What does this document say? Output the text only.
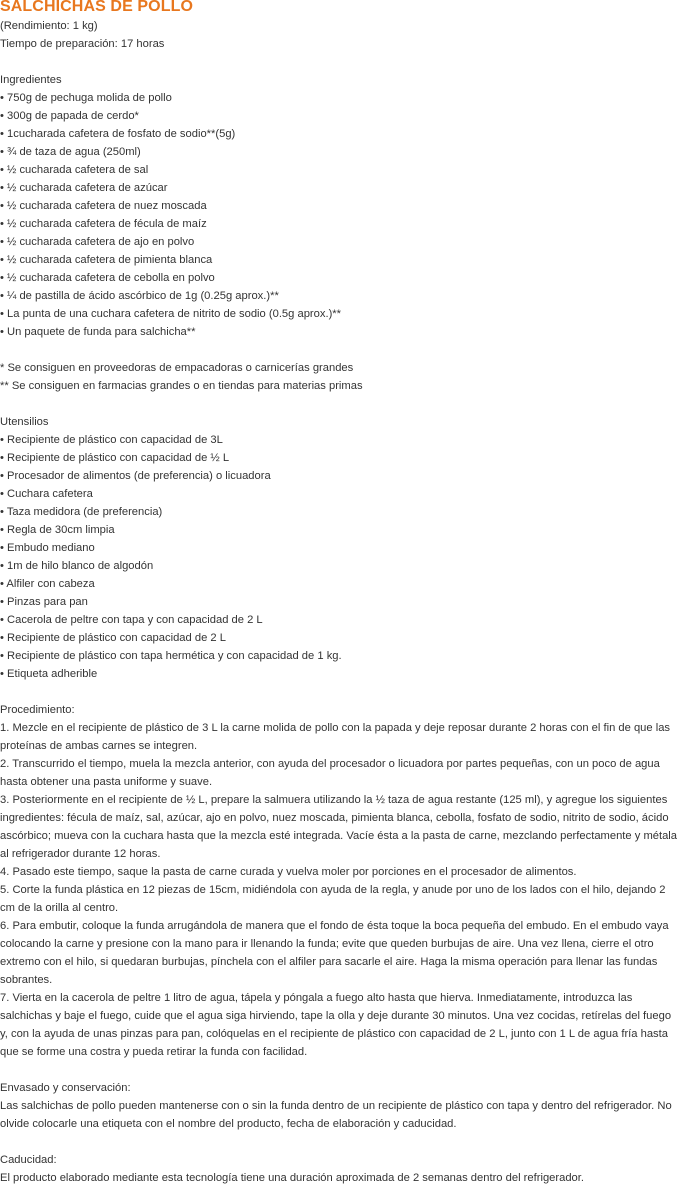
SALCHICHAS DE POLLO
(Rendimiento: 1 kg)
Tiempo de preparación: 17 horas
Ingredientes
• 750g de pechuga molida de pollo
• 300g de papada de cerdo*
• 1cucharada cafetera de fosfato de sodio**(5g)
• ¾ de taza de agua (250ml)
• ½ cucharada cafetera de sal
• ½ cucharada cafetera de azúcar
• ½ cucharada cafetera de nuez moscada
• ½ cucharada cafetera de fécula de maíz
• ½ cucharada cafetera de ajo en polvo
• ½ cucharada cafetera de pimienta blanca
• ½ cucharada cafetera de cebolla en polvo
• ¼ de pastilla de ácido ascórbico de 1g (0.25g aprox.)**
• La punta de una cuchara cafetera de nitrito de sodio (0.5g aprox.)**
• Un paquete de funda para salchicha**
* Se consiguen en proveedoras de empacadoras o carnicerías grandes
** Se consiguen en farmacias grandes o en tiendas para materias primas
Utensilios
• Recipiente de plástico con capacidad de 3L
• Recipiente de plástico con capacidad de ½ L
• Procesador de alimentos (de preferencia) o licuadora
• Cuchara cafetera
• Taza medidora (de preferencia)
• Regla de 30cm limpia
• Embudo mediano
• 1m de hilo blanco de algodón
• Alfiler con cabeza
• Pinzas para pan
• Cacerola de peltre con tapa y con capacidad de 2 L
• Recipiente de plástico con capacidad de 2 L
• Recipiente de plástico con tapa hermética y con capacidad de 1 kg.
• Etiqueta adherible
Procedimiento:
1. Mezcle en el recipiente de plástico de 3 L la carne molida de pollo con la papada y deje reposar durante 2 horas con el fin de que las proteínas de ambas carnes se integren.
2. Transcurrido el tiempo, muela la mezcla anterior, con ayuda del procesador o licuadora por partes pequeñas, con un poco de agua hasta obtener una pasta uniforme y suave.
3. Posteriormente en el recipiente de ½ L, prepare la salmuera utilizando la ½ taza de agua restante (125 ml), y agregue los siguientes ingredientes: fécula de maíz, sal, azúcar, ajo en polvo, nuez moscada, pimienta blanca, cebolla, fosfato de sodio, nitrito de sodio, ácido ascórbico; mueva con la cuchara hasta que la mezcla esté integrada. Vacíe ésta a la pasta de carne, mezclando perfectamente y métala al refrigerador durante 12 horas.
4. Pasado este tiempo, saque la pasta de carne curada y vuelva moler por porciones en el procesador de alimentos.
5. Corte la funda plástica en 12 piezas de 15cm, midiéndola con ayuda de la regla, y anude por uno de los lados con el hilo, dejando 2 cm de la orilla al centro.
6. Para embutir, coloque la funda arrugándola de manera que el fondo de ésta toque la boca pequeña del embudo. En el embudo vaya colocando la carne y presione con la mano para ir llenando la funda; evite que queden burbujas de aire. Una vez llena, cierre el otro extremo con el hilo, si quedaran burbujas, pínchela con el alfiler para sacarle el aire. Haga la misma operación para llenar las fundas sobrantes.
7. Vierta en la cacerola de peltre 1 litro de agua, tápela y póngala a fuego alto hasta que hierva. Inmediatamente, introduzca las salchichas y baje el fuego, cuide que el agua siga hirviendo, tape la olla y deje durante 30 minutos. Una vez cocidas, retírelas del fuego y, con la ayuda de unas pinzas para pan, colóquelas en el recipiente de plástico con capacidad de 2 L, junto con 1 L de agua fría hasta que se forme una costra y pueda retirar la funda con facilidad.
Envasado y conservación:
Las salchichas de pollo pueden mantenerse con o sin la funda dentro de un recipiente de plástico con tapa y dentro del refrigerador. No olvide colocarle una etiqueta con el nombre del producto, fecha de elaboración y caducidad.
Caducidad:
El producto elaborado mediante esta tecnología tiene una duración aproximada de 2 semanas dentro del refrigerador.
